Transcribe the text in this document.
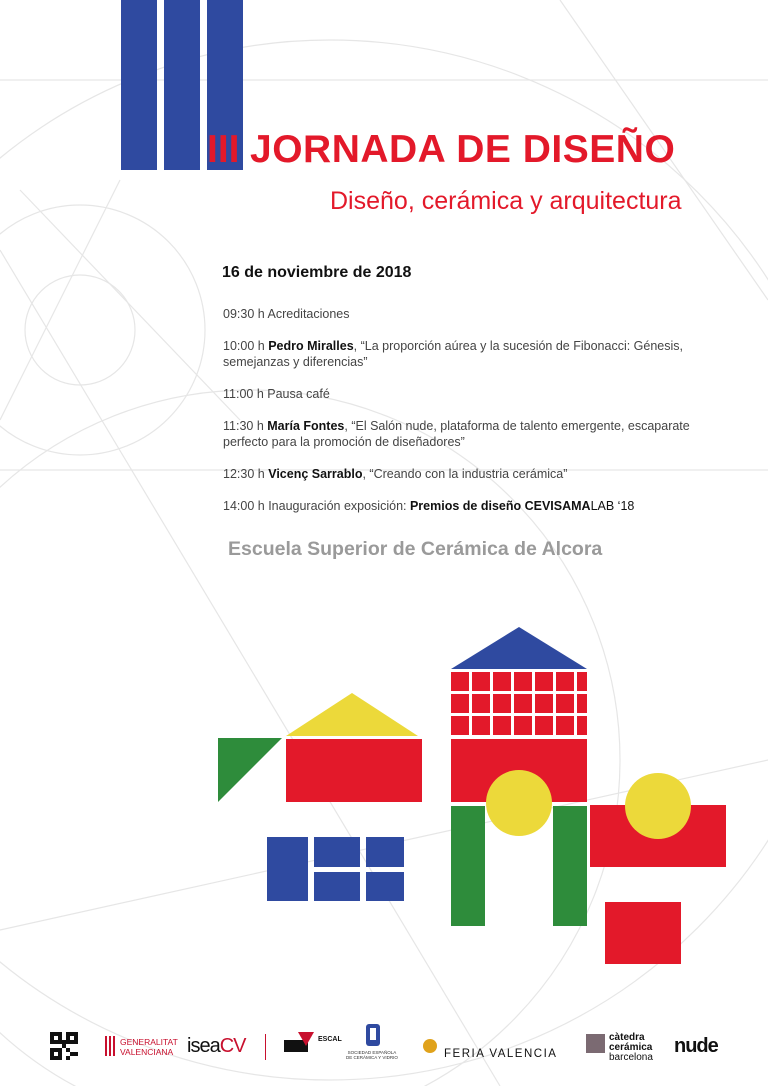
III JORNADA DE DISEÑO
Diseño, cerámica y arquitectura
16 de noviembre de 2018
09:30 h Acreditaciones
10:00 h Pedro Miralles, “La proporción aúrea y la sucesión de Fibonacci: Génesis, semejanzas y diferencias”
11:00 h Pausa café
11:30 h María Fontes, “El Salón nude, plataforma de talento emergente, escaparate perfecto para la promoción de diseñadores”
12:30 h Vicenç Sarrablo, “Creando con la industria cerámica”
14:00 h Inauguración exposición: Premios de diseño CEVISAMALAB ‘18
Escuela Superior de Cerámica de Alcora
GENERALITAT
VALENCIANA iseaCV	ESCAL
SOCIEDAD ESPAÑOLA
DE CERÁMICA Y VIDRIO	FERIA VALENCIA
càtedra
cerámica
barcelona
nude
